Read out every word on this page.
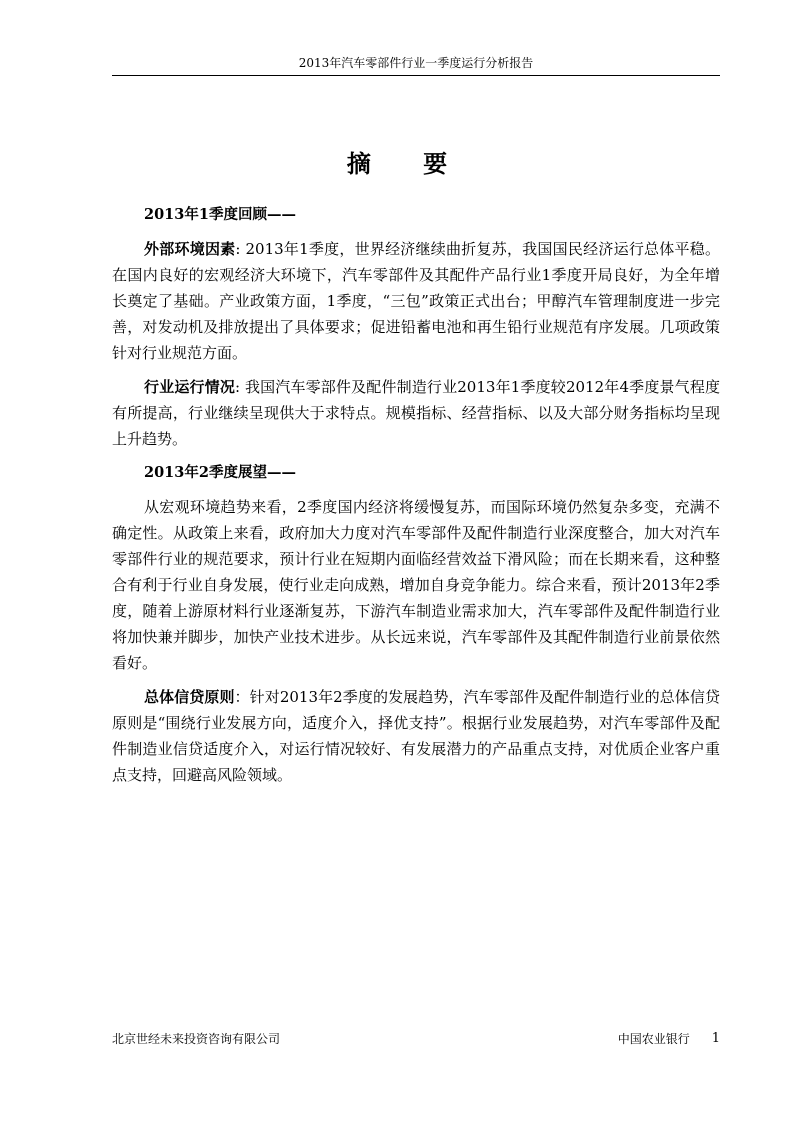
2013年汽车零部件行业一季度运行分析报告
摘 要

2013年1季度回顾——

外部环境因素: 2013年1季度，世界经济继续曲折复苏，我国国民经济运行总体平稳。在国内良好的宏观经济大环境下，汽车零部件及其配件产品行业1季度开局良好，为全年增长奠定了基础。产业政策方面，1季度，“三包”政策正式出台；甲醇汽车管理制度进一步完善，对发动机及排放提出了具体要求；促进铅蓄电池和再生铅行业规范有序发展。几项政策针对行业规范方面。

行业运行情况: 我国汽车零部件及配件制造行业2013年1季度较2012年4季度景气程度有所提高，行业继续呈现供大于求特点。规模指标、经营指标、以及大部分财务指标均呈现上升趋势。

2013年2季度展望——

从宏观环境趋势来看，2季度国内经济将缓慢复苏，而国际环境仍然复杂多变，充满不确定性。从政策上来看，政府加大力度对汽车零部件及配件制造行业深度整合，加大对汽车零部件行业的规范要求，预计行业在短期内面临经营效益下滑风险；而在长期来看，这种整合有利于行业自身发展，使行业走向成熟，增加自身竞争能力。综合来看，预计2013年2季度，随着上游原材料行业逐渐复苏，下游汽车制造业需求加大，汽车零部件及配件制造行业将加快兼并脚步，加快产业技术进步。从长远来说，汽车零部件及其配件制造行业前景依然看好。

总体信贷原则：针对2013年2季度的发展趋势，汽车零部件及配件制造行业的总体信贷原则是“围绕行业发展方向，适度介入，择优支持”。根据行业发展趋势，对汽车零部件及配件制造业信贷适度介入，对运行情况较好、有发展潜力的产品重点支持，对优质企业客户重点支持，回避高风险领域。

北京世经未来投资咨询有限公司	中国农业银行 1
